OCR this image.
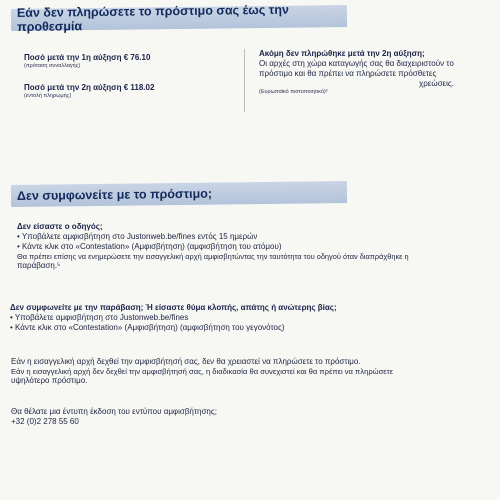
Εάν δεν πληρώσετε το πρόστιμο σας έως την προθεσμία
Ποσό μετά την 1η αύξηση € 76.10
(πρόταση συναλλαγής)
Ποσό μετά την 2η αύξηση € 118.02
(εντολή πληρωμής)
Ακόμη δεν πληρώθηκε μετά την 2η αύξηση;
Οι αρχές στη χώρα καταγωγής σας θα διαχειριστούν το
πρόστιμο και θα πρέπει να πληρώσετε πρόσθετες
χρεώσεις.
(Ευρωπαϊκό πιστοποιητικό)²
Δεν συμφωνείτε με το πρόστιμο;
Δεν είσαστε ο οδηγός;
• Υποβάλετε αμφισβήτηση στο Justonweb.be/fines εντός 15 ημερών
• Κάντε κλικ στο «Contestation» (Αμφισβήτηση) (αμφισβήτηση του ατόμου)
Θα πρέπει επίσης να ενημερώσετε την εισαγγελική αρχή αμφισβητώντας την ταυτότητα του οδηγού όταν διαπράχθηκε η
παράβαση.⁵
Δεν συμφωνείτε με την παράβαση; Ή είσαστε θύμα κλοπής, απάτης ή ανώτερης βίας;
• Υποβάλετε αμφισβήτηση στο Justonweb.be/fines
• Κάντε κλικ στο «Contestation» (Αμφισβήτηση) (αμφισβήτηση του γεγονότος)
Εάν η εισαγγελική αρχή δεχθεί την αμφισβήτησή σας, δεν θα χρειαστεί να πληρώσετε το πρόστιμο.
Εάν η εισαγγελική αρχή δεν δεχθεί την αμφισβήτησή σας, η διαδικασία θα συνεχιστεί και θα πρέπει να πληρώσετε
υψηλότερο πρόστιμο.
Θα θέλατε μια έντυπη έκδοση του εντύπου αμφισβήτησης;
+32 (0)2 278 55 60
